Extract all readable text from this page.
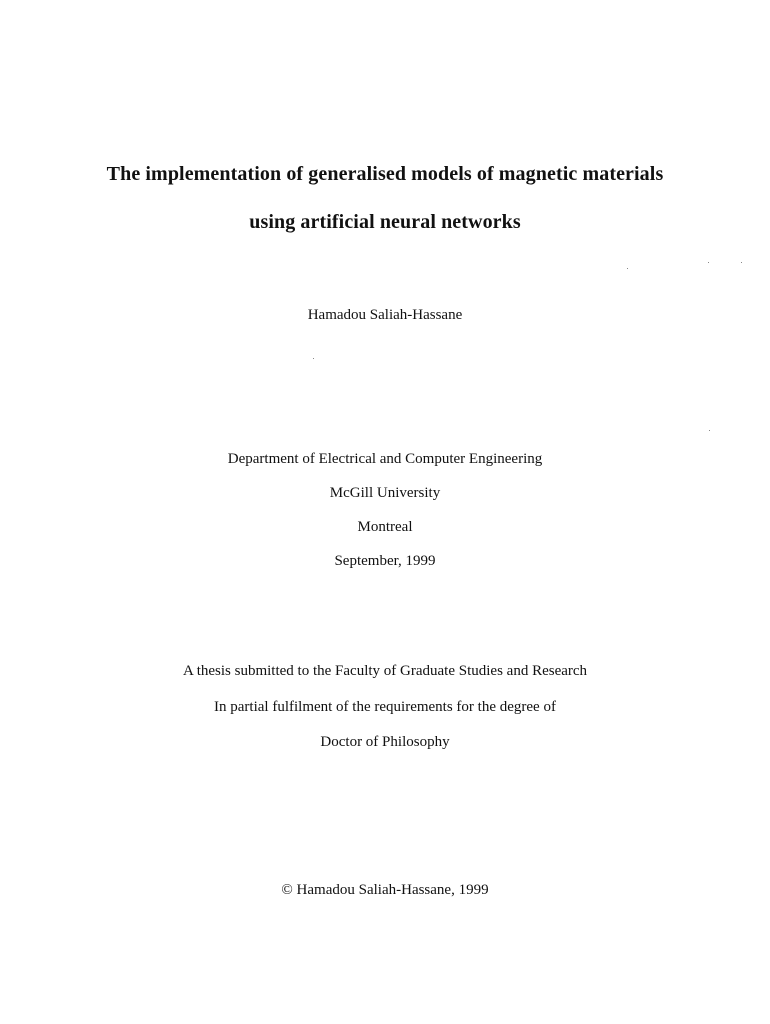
The implementation of generalised models of magnetic materials
using artificial neural networks
Hamadou Saliah-Hassane
Department of Electrical and Computer Engineering
McGill University
Montreal
September, 1999
A thesis submitted to the Faculty of Graduate Studies and Research
In partial fulfilment of the requirements for the degree of
Doctor of Philosophy
© Hamadou Saliah-Hassane, 1999
